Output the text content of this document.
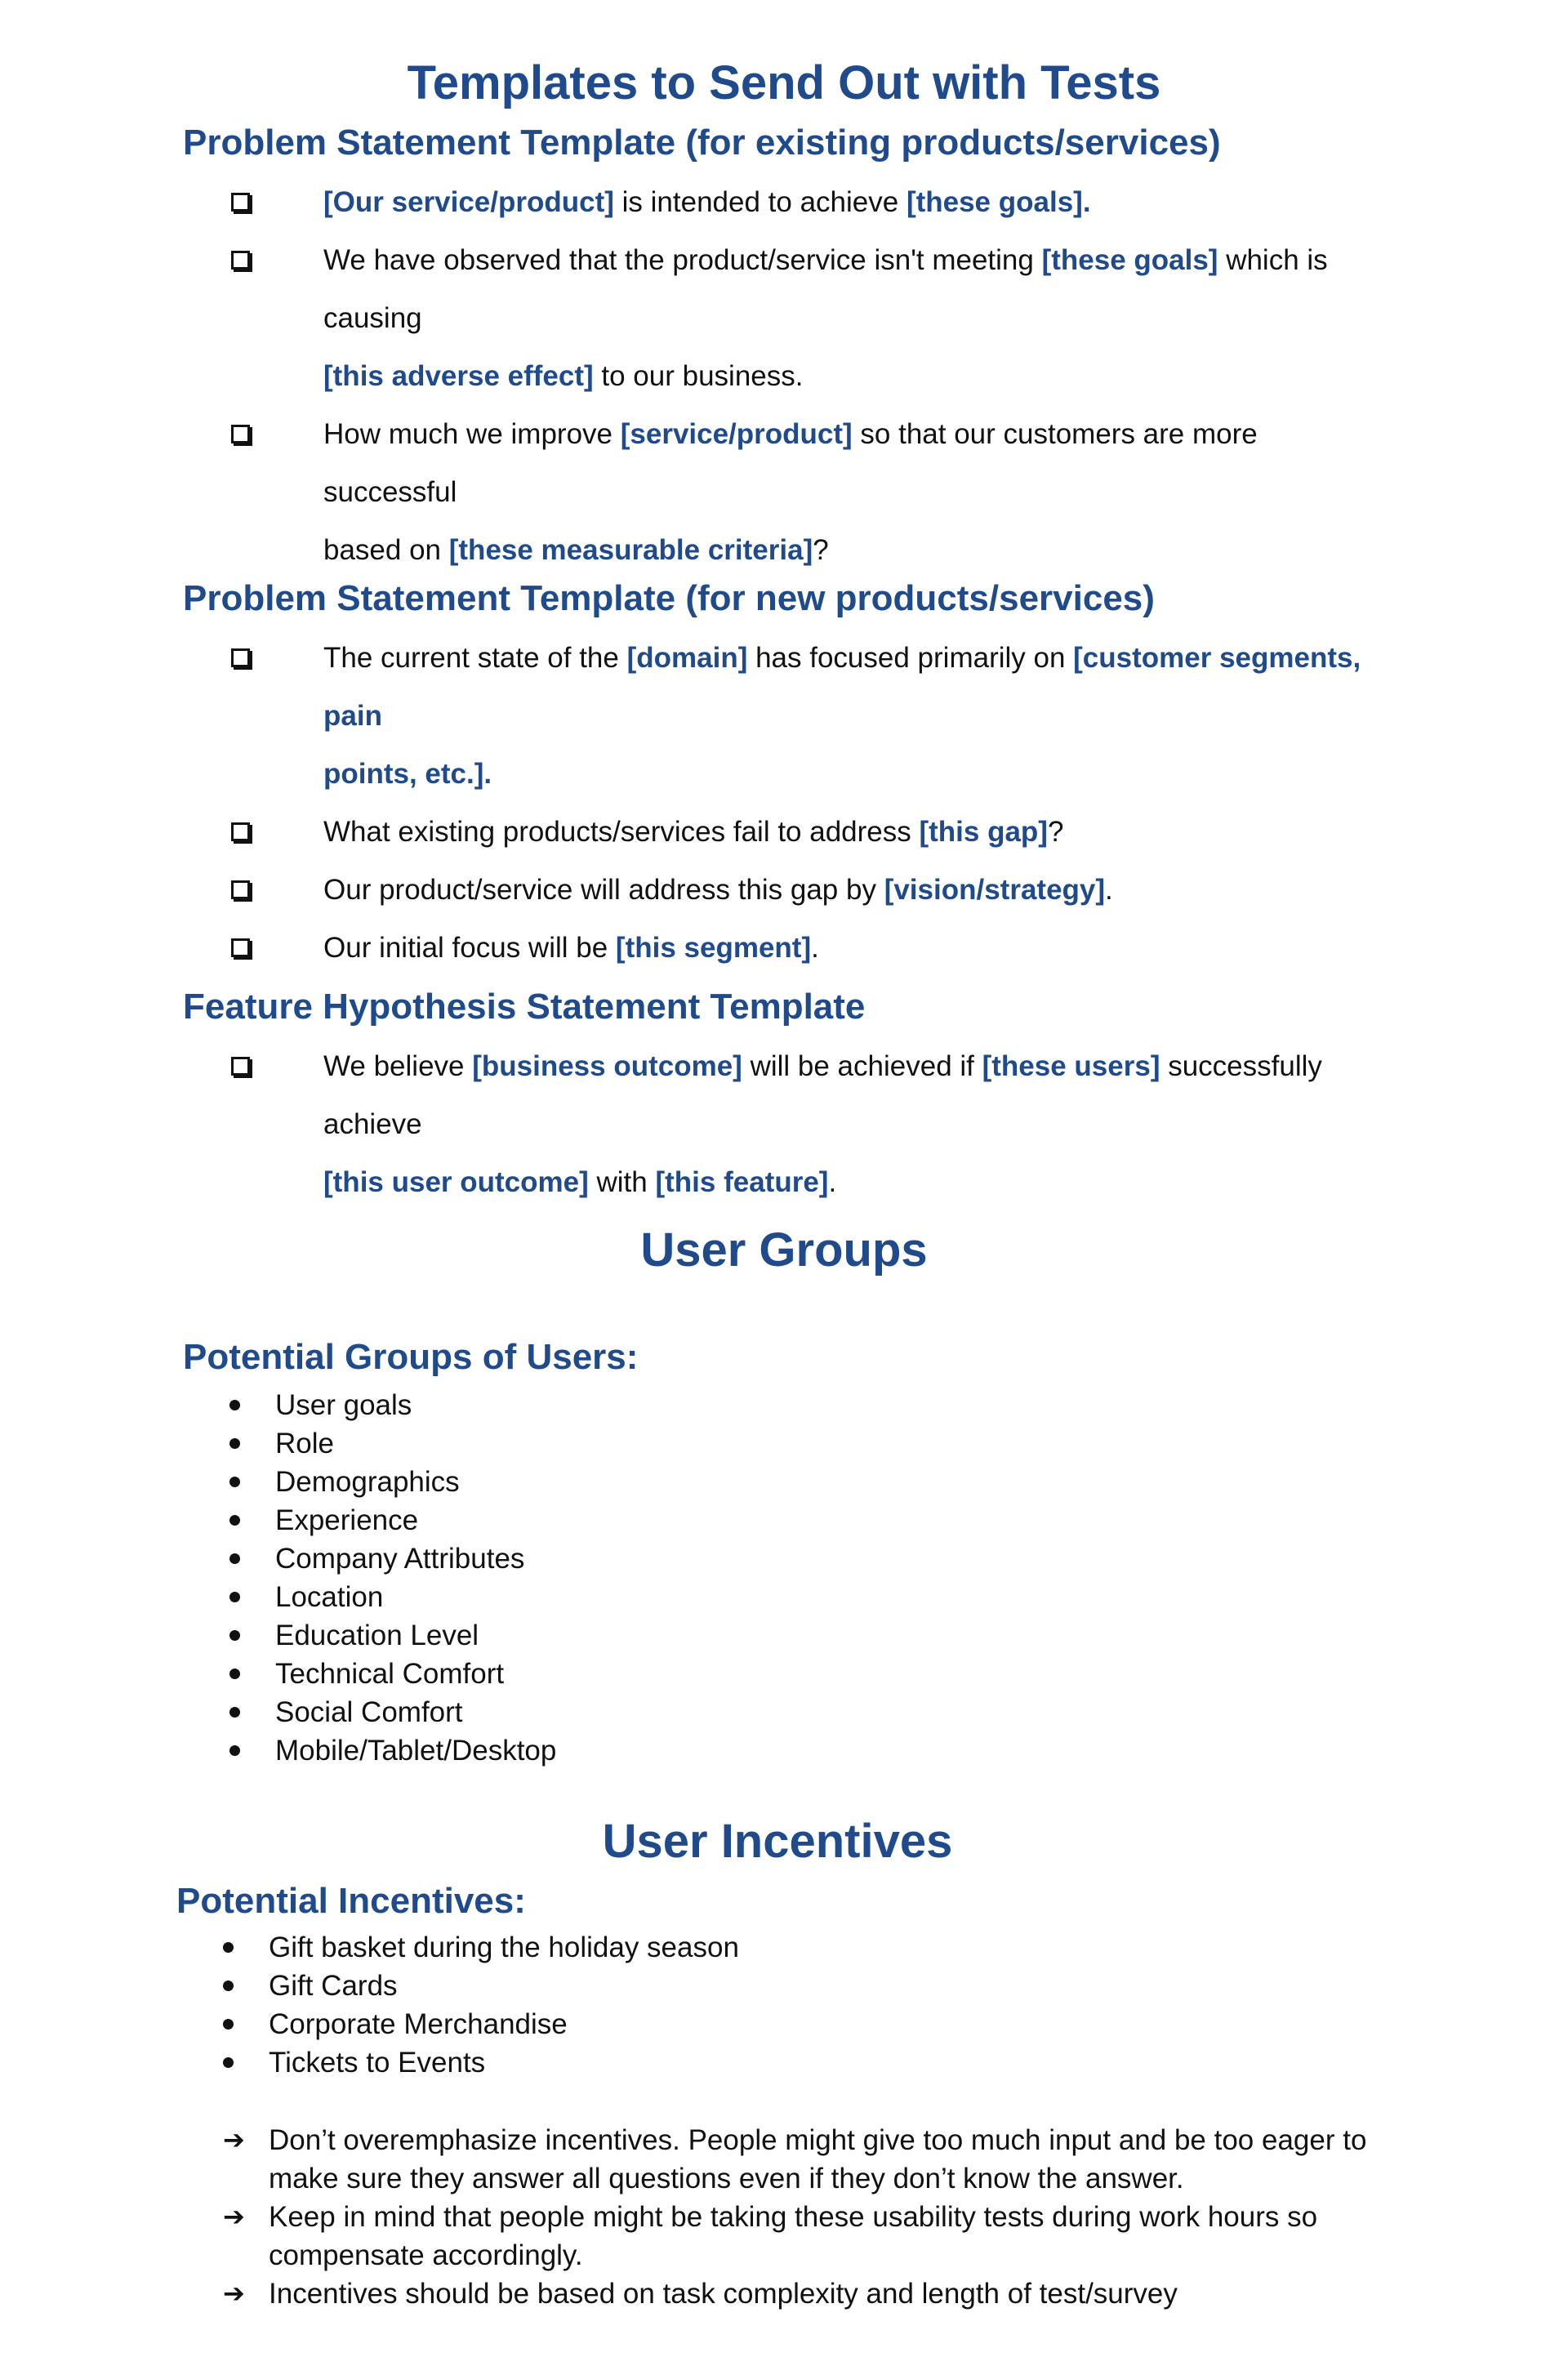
Templates to Send Out with Tests
Problem Statement Template (for existing products/services)
[Our service/product] is intended to achieve [these goals].
We have observed that the product/service isn't meeting [these goals] which is causing
[this adverse effect] to our business.
How much we improve [service/product] so that our customers are more successful
based on [these measurable criteria]?
Problem Statement Template (for new products/services)
The current state of the [domain] has focused primarily on [customer segments, pain
points, etc.].
What existing products/services fail to address [this gap]?
Our product/service will address this gap by [vision/strategy].
Our initial focus will be [this segment].
Feature Hypothesis Statement Template
We believe [business outcome] will be achieved if [these users] successfully achieve
[this user outcome] with [this feature].
User Groups
Potential Groups of Users:
User goals
Role
Demographics
Experience
Company Attributes
Location
Education Level
Technical Comfort
Social Comfort
Mobile/Tablet/Desktop
User Incentives
Potential Incentives:
Gift basket during the holiday season
Gift Cards
Corporate Merchandise
Tickets to Events
➔ Don’t overemphasize incentives. People might give too much input and be too eager to make sure they answer all questions even if they don’t know the answer.
➔ Keep in mind that people might be taking these usability tests during work hours so compensate accordingly.
➔ Incentives should be based on task complexity and length of test/survey
